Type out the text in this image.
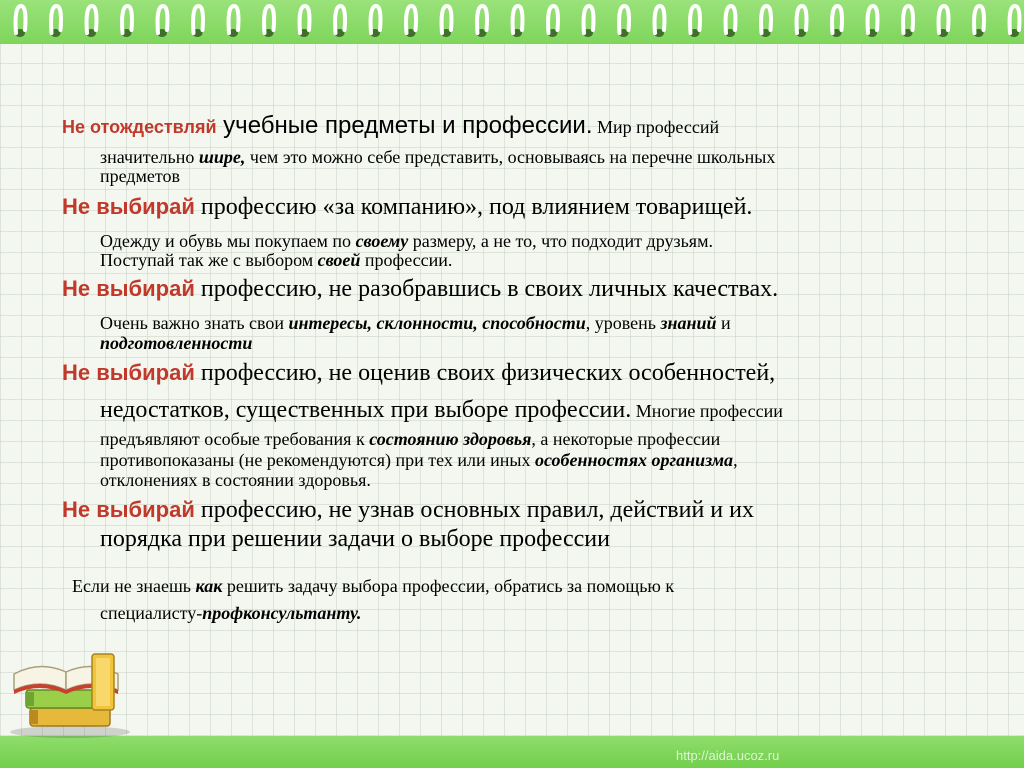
http://aida.ucoz.ru
Не отождествляй учебные предметы и профессии. Мир профессий
значительно шире, чем это можно себе представить, основываясь на перечне школьных
предметов
Не выбирай профессию «за компанию», под влиянием товарищей.
Одежду и обувь мы покупаем по своему размеру, а не то, что подходит друзьям.
Поступай так же с выбором своей профессии.
Не выбирай профессию, не разобравшись в своих личных качествах.
Очень важно знать свои интересы, склонности, способности, уровень знаний и
подготовленности
Не выбирай профессию, не оценив своих физических особенностей,
недостатков, существенных при выборе профессии. Многие профессии
предъявляют особые требования к состоянию здоровья, а некоторые профессии
противопоказаны (не рекомендуются) при тех или иных особенностях организма,
отклонениях в состоянии здоровья.
Не выбирай профессию, не узнав основных правил, действий и их
порядка при решении задачи о выборе профессии
Если не знаешь как решить задачу выбора профессии, обратись за помощью к
специалисту-профконсультанту.
